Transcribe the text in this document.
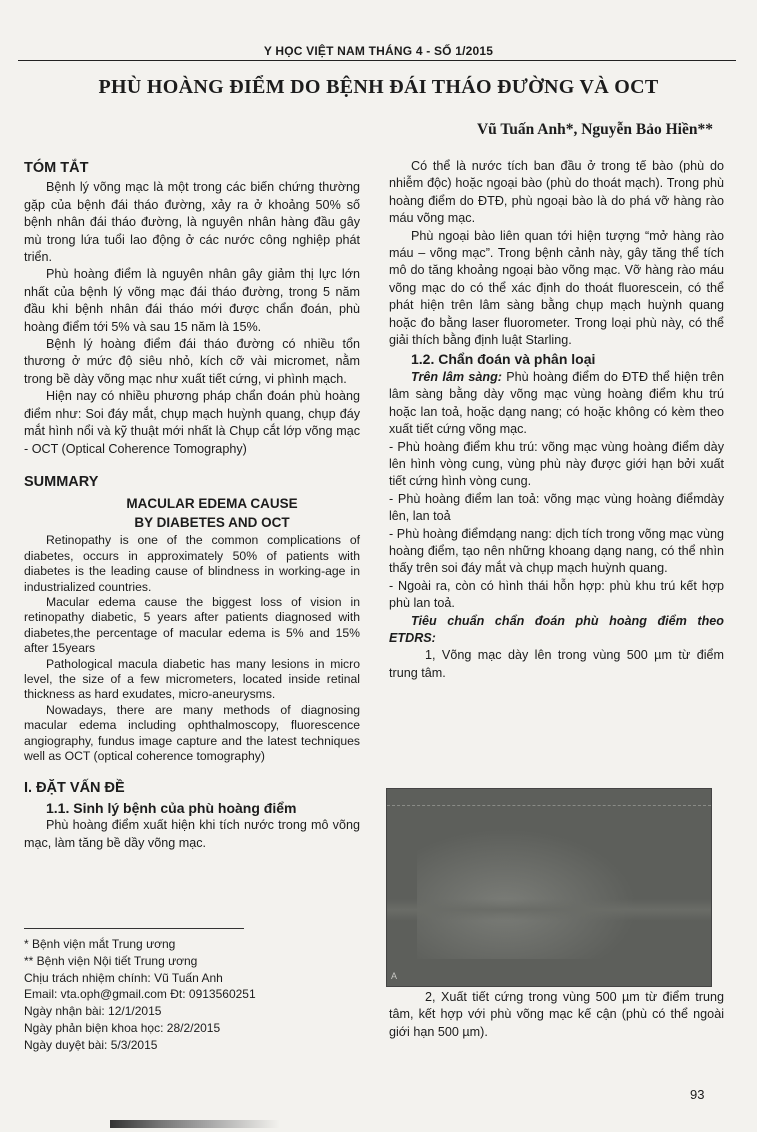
Y HỌC VIỆT NAM THÁNG 4 - SỐ 1/2015
PHÙ HOÀNG ĐIỂM DO BỆNH ĐÁI THÁO ĐƯỜNG VÀ OCT
Vũ Tuấn Anh*, Nguyễn Bảo Hiền**
TÓM TẮT

Bệnh lý võng mạc là một trong các biến chứng thường gặp của bệnh đái tháo đường, xảy ra ở khoảng 50% số bệnh nhân đái tháo đường, là nguyên nhân hàng đầu gây mù trong lứa tuổi lao động ở các nước công nghiệp phát triển.

Phù hoàng điểm là nguyên nhân gây giảm thị lực lớn nhất của bệnh lý võng mạc đái tháo đường, trong 5 năm đầu khi bệnh nhân đái tháo mới được chẩn đoán, phù hoàng điểm tới 5% và sau 15 năm là 15%.

Bệnh lý hoàng điểm đái tháo đường có nhiều tổn thương ở mức độ siêu nhỏ, kích cỡ vài micromet, nằm trong bề dày võng mạc như xuất tiết cứng, vi phình mạch.

Hiện nay có nhiều phương pháp chẩn đoán phù hoàng điểm như: Soi đáy mắt, chụp mạch huỳnh quang, chụp đáy mắt hình nổi và kỹ thuật mới nhất là Chụp cắt lớp võng mạc - OCT (Optical Coherence Tomography)

SUMMARY
MACULAR EDEMA CAUSE
BY DIABETES AND OCT

Retinopathy is one of the common complications of diabetes, occurs in approximately 50% of patients with diabetes is the leading cause of blindness in working-age in industrialized countries.

Macular edema cause the biggest loss of vision in retinopathy diabetic, 5 years after patients diagnosed with diabetes,the percentage of macular edema is 5% and 15% after 15years

Pathological macula diabetic has many lesions in micro level, the size of a few micrometers, located inside retinal thickness as hard exudates, micro-aneurysms.

Nowadays, there are many methods of diagnosing macular edema including ophthalmoscopy, fluorescence angiography, fundus image capture and the latest techniques well as OCT (optical coherence tomography)

I. ĐẶT VẤN ĐỀ
1.1. Sinh lý bệnh của phù hoàng điểm

Phù hoàng điểm xuất hiện khi tích nước trong mô võng mạc, làm tăng bề dầy võng mạc.

* Bệnh viện mắt Trung ương
** Bệnh viện Nội tiết Trung ương
Chịu trách nhiệm chính: Vũ Tuấn Anh
Email: vta.oph@gmail.com Đt: 0913560251
Ngày nhận bài: 12/1/2015
Ngày phản biện khoa học: 28/2/2015
Ngày duyệt bài: 5/3/2015

Có thể là nước tích ban đầu ở trong tế bào (phù do nhiễm độc) hoặc ngoại bào (phù do thoát mạch). Trong phù hoàng điểm do ĐTĐ, phù ngoại bào là do phá vỡ hàng rào máu võng mạc.

Phù ngoại bào liên quan tới hiện tượng “mở hàng rào máu – võng mạc”. Trong bệnh cảnh này, gây tăng thể tích mô do tăng khoảng ngoại bào võng mạc. Vỡ hàng rào máu võng mạc do có thể xác định do thoát fluorescein, có thể phát hiện trên lâm sàng bằng chụp mạch huỳnh quang hoặc đo bằng laser fluorometer. Trong loại phù này, có thể giải thích bằng định luật Starling.

1.2. Chẩn đoán và phân loại

Trên lâm sàng: Phù hoàng điểm do ĐTĐ thể hiện trên lâm sàng bằng dày võng mạc vùng hoàng điểm khu trú hoặc lan toả, hoặc dạng nang; có hoặc không có kèm theo xuất tiết cứng võng mạc.

- Phù hoàng điểm khu trú: võng mạc vùng hoàng điểm dày lên hình vòng cung, vùng phù này được giới hạn bởi xuất tiết cứng hình vòng cung.

- Phù hoàng điểm lan toả: võng mạc vùng hoàng điểmdày lên, lan toả

- Phù hoàng điểmdạng nang: dịch tích trong võng mạc vùng hoàng điểm, tạo nên những khoang dạng nang, có thể nhìn thấy trên soi đáy mắt và chụp mạch huỳnh quang.

- Ngoài ra, còn có hình thái hỗn hợp: phù khu trú kết hợp phù lan toả.

Tiêu chuẩn chẩn đoán phù hoàng điểm theo ETDRS:

1, Võng mạc dày lên trong vùng 500 µm từ điểm trung tâm.

A

2, Xuất tiết cứng trong vùng 500 µm từ điểm trung tâm, kết hợp với phù võng mạc kế cận (phù có thể ngoài giới hạn 500 µm).

93
